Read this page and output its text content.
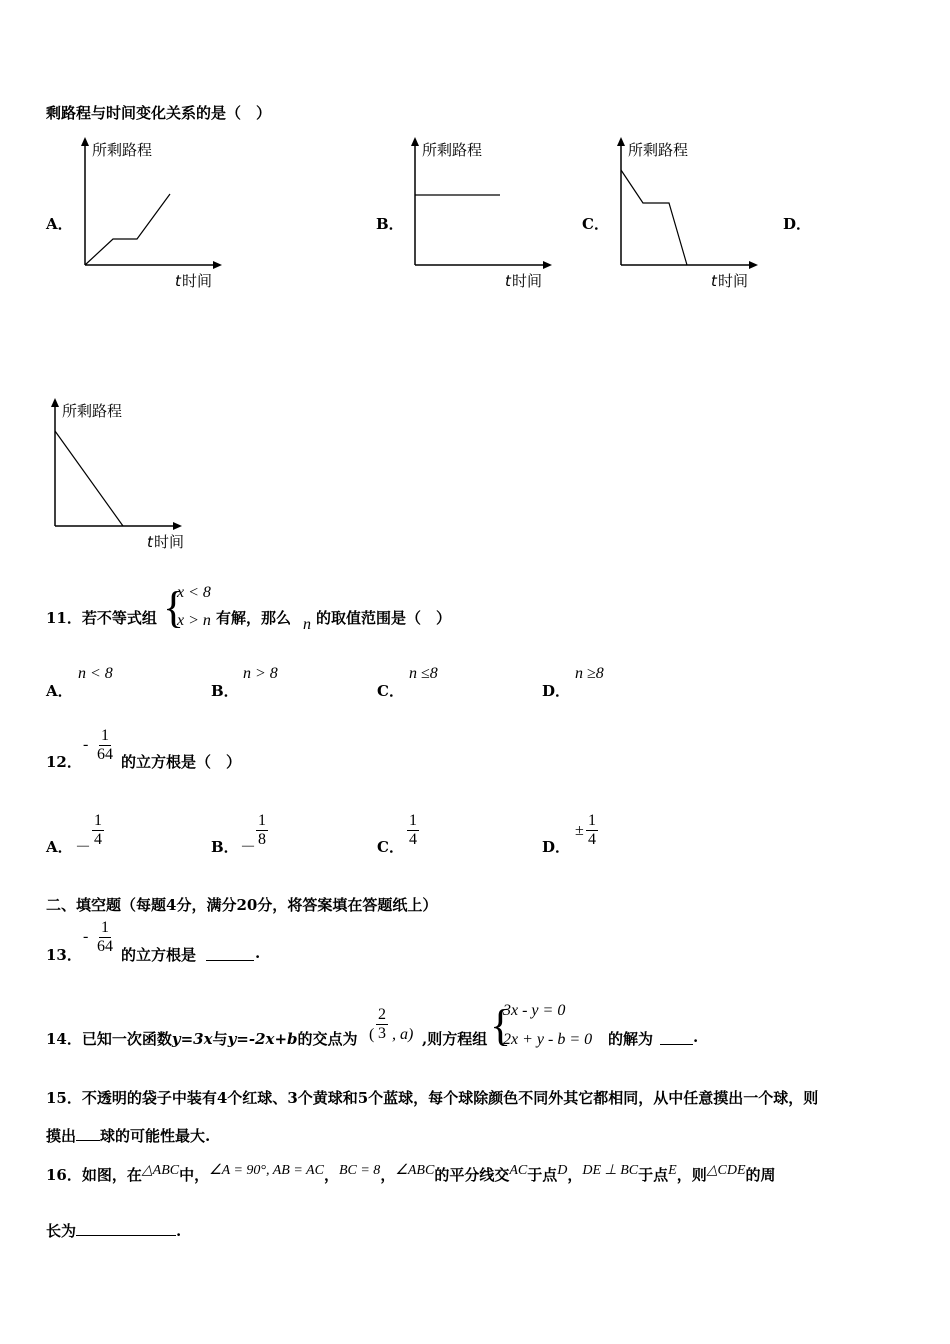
剩路程与时间变化关系的是（　）
A．
所剩路程
t 时间
B．
所剩路程
t 时间
C．
所剩路程
t 时间
D．
所剩路程
t 时间
11．若不等式组 {
x < 8
x > n 有解，那么 n 的取值范围是（　）
A．
n < 8
B．
n > 8
C．
n ≤8
D．
n ≥8
12．
- $\frac{1}{64}$ 的立方根是（　）
A． － $\frac{1}{4}$	B． － $\frac{1}{8}$	C． $\frac{1}{4}$	D．
± $\frac{1}{4}$
二、填空题（每题4分，满分20分，将答案填在答题纸上）
13．
- $\frac{1}{64}$ 的立方根是	.
14．已知一次函数y=3x与y=-2x+b的交点为 ( $\frac{2}{3}$ , a) ,则方程组 {
3x - y = 0
2x + y - b = 0 的解为	.
15．不透明的袋子中装有4个红球、3个黄球和5个蓝球，每个球除颜色不同外其它都相同，从中任意摸出一个球，则
摸出 球的可能性最大.
16．如图，在△ABC中，∠A = 90°, AB = AC，BC = 8，∠ABC的平分线交AC于点D，DE ⊥ BC于点E，则△CDE的周
长为	.
